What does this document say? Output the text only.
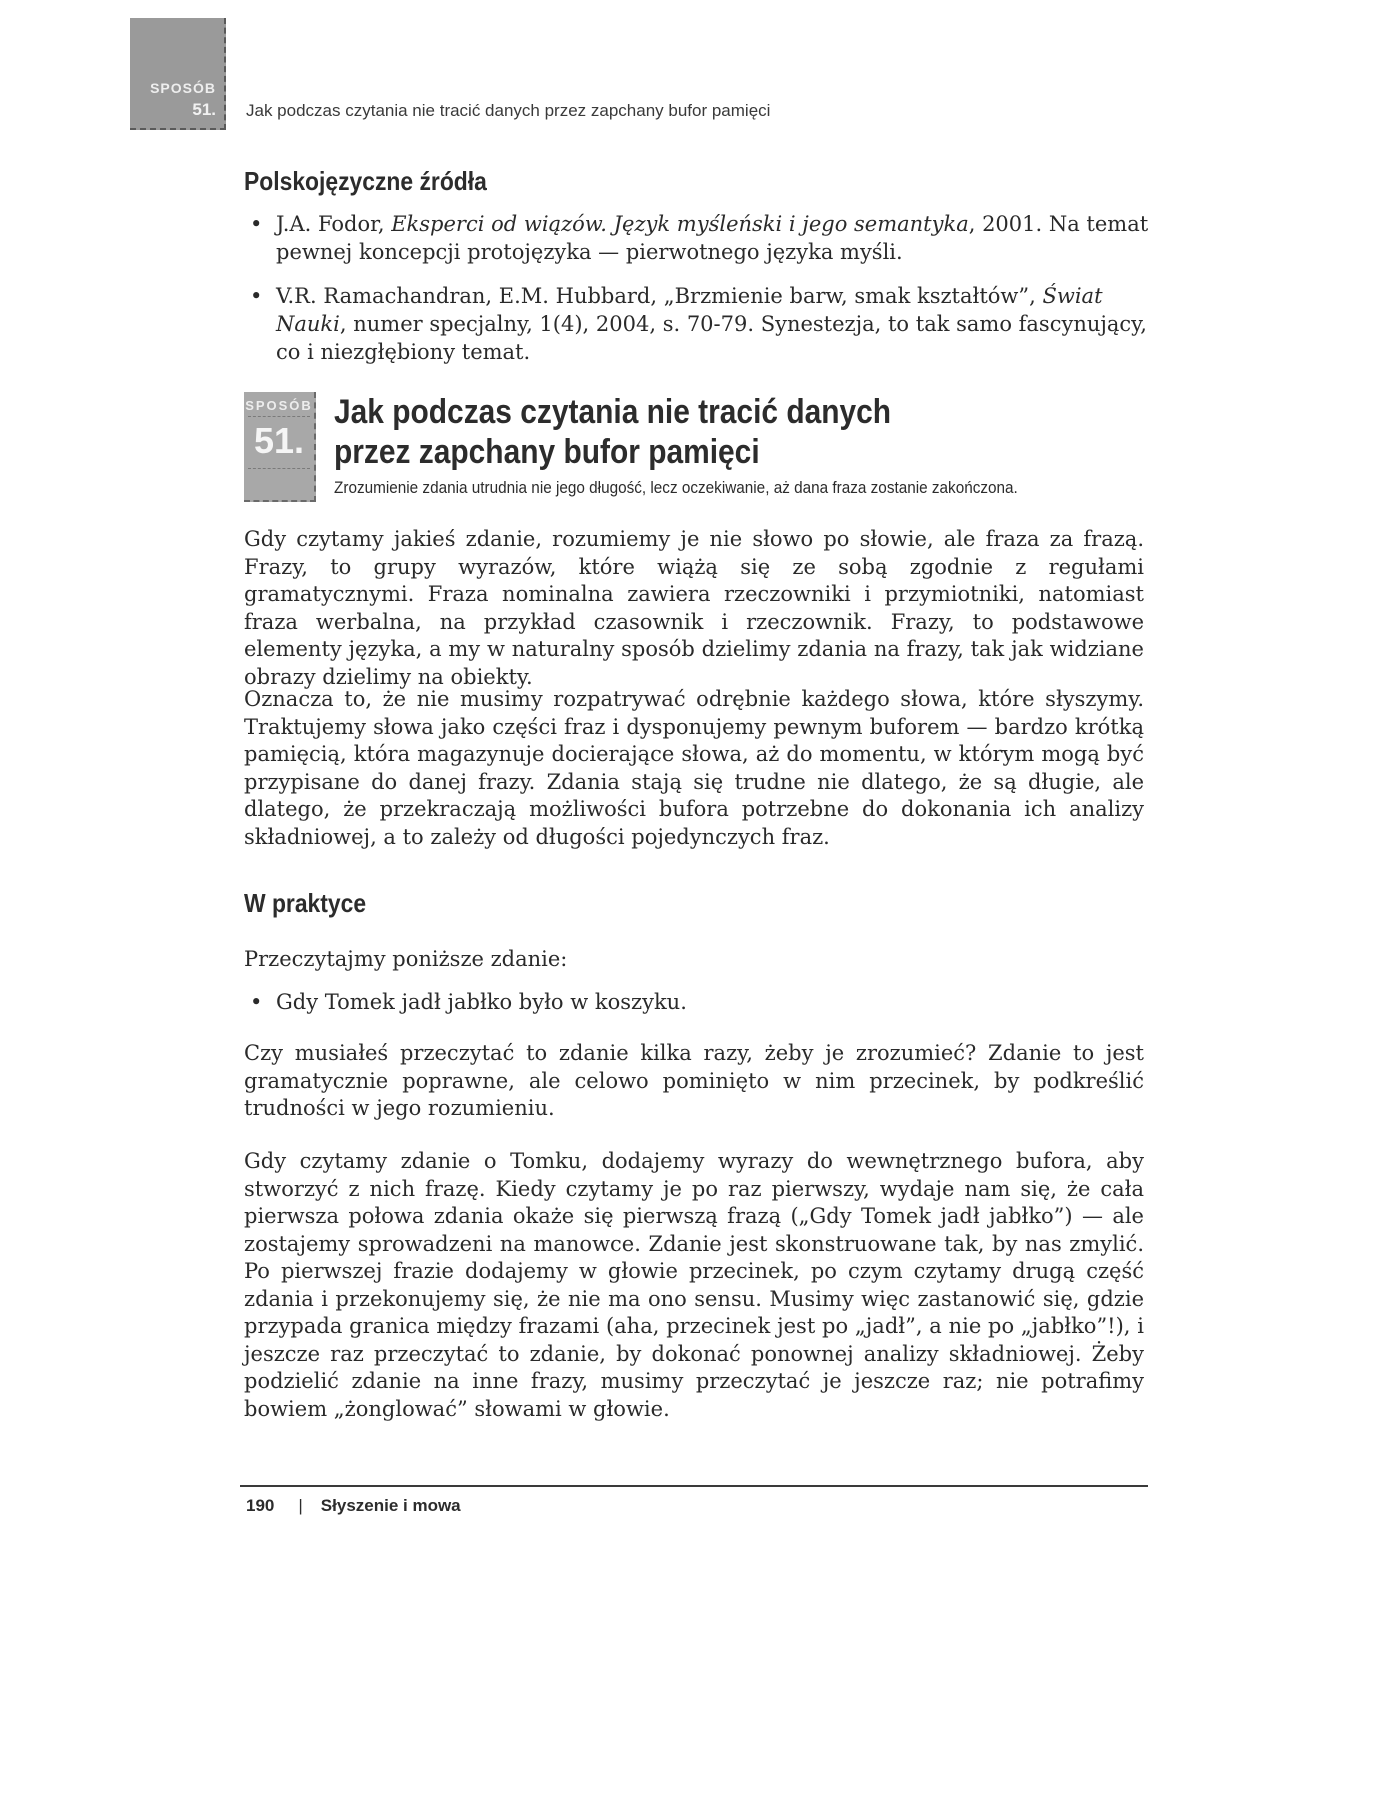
SPOSÓB
51. Jak podczas czytania nie tracić danych przez zapchany bufor pamięci
Polskojęzyczne źródła
• J.A. Fodor, Eksperci od wiązów. Język myśleński i jego semantyka, 2001. Na temat pewnej koncepcji protojęzyka — pierwotnego języka myśli.
• V.R. Ramachandran, E.M. Hubbard, „Brzmienie barw, smak kształtów”, Świat Nauki, numer specjalny, 1(4), 2004, s. 70-79. Synestezja, to tak samo fascynujący, co i niezgłębiony temat.
SPOSÓB
51.
Jak podczas czytania nie tracić danych
przez zapchany bufor pamięci
Zrozumienie zdania utrudnia nie jego długość, lecz oczekiwanie, aż dana fraza zostanie zakończona.

Gdy czytamy jakieś zdanie, rozumiemy je nie słowo po słowie, ale fraza za frazą. Frazy, to grupy wyrazów, które wiążą się ze sobą zgodnie z regułami gramatycznymi. Fraza nominalna zawiera rzeczowniki i przymiotniki, natomiast fraza werbalna, na przykład czasownik i rzeczownik. Frazy, to podstawowe elementy języka, a my w naturalny sposób dzielimy zdania na frazy, tak jak widziane obrazy dzielimy na obiekty.

Oznacza to, że nie musimy rozpatrywać odrębnie każdego słowa, które słyszymy. Traktujemy słowa jako części fraz i dysponujemy pewnym buforem — bardzo krótką pamięcią, która magazynuje docierające słowa, aż do momentu, w którym mogą być przypisane do danej frazy. Zdania stają się trudne nie dlatego, że są długie, ale dlatego, że przekraczają możliwości bufora potrzebne do dokonania ich analizy składniowej, a to zależy od długości pojedynczych fraz.

W praktyce

Przeczytajmy poniższe zdanie:

• Gdy Tomek jadł jabłko było w koszyku.

Czy musiałeś przeczytać to zdanie kilka razy, żeby je zrozumieć? Zdanie to jest gramatycznie poprawne, ale celowo pominięto w nim przecinek, by podkreślić trudności w jego rozumieniu.

Gdy czytamy zdanie o Tomku, dodajemy wyrazy do wewnętrznego bufora, aby stworzyć z nich frazę. Kiedy czytamy je po raz pierwszy, wydaje nam się, że cała pierwsza połowa zdania okaże się pierwszą frazą („Gdy Tomek jadł jabłko”) — ale zostajemy sprowadzeni na manowce. Zdanie jest skonstruowane tak, by nas zmylić. Po pierwszej frazie dodajemy w głowie przecinek, po czym czytamy drugą część zdania i przekonujemy się, że nie ma ono sensu. Musimy więc zastanowić się, gdzie przypada granica między frazami (aha, przecinek jest po „jadł”, a nie po „jabłko”!), i jeszcze raz przeczytać to zdanie, by dokonać ponownej analizy składniowej. Żeby podzielić zdanie na inne frazy, musimy przeczytać je jeszcze raz; nie potrafimy bowiem „żonglować” słowami w głowie.

190 | Słyszenie i mowa
